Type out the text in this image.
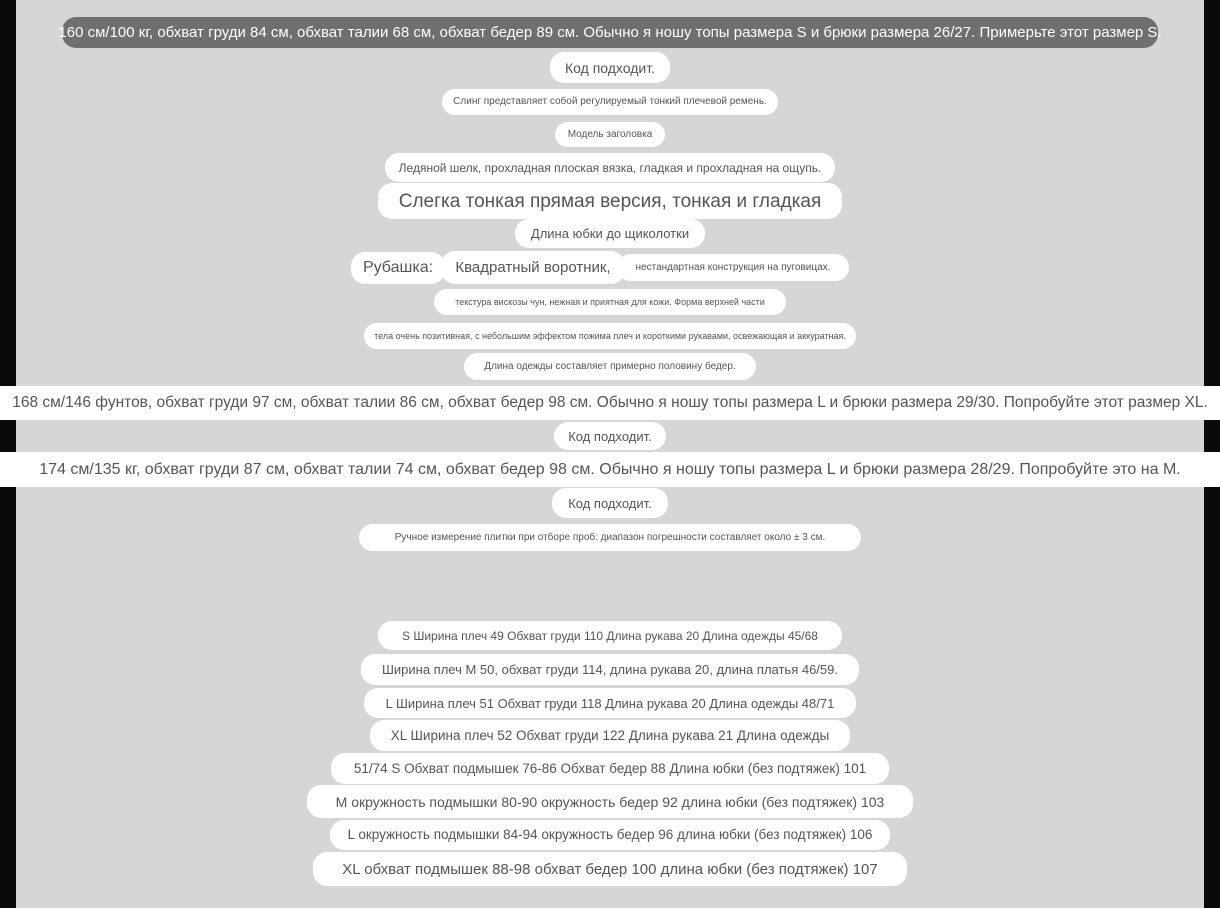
160 см/100 кг, обхват груди 84 см, обхват талии 68 см, обхват бедер 89 см. Обычно я ношу топы размера S и брюки размера 26/27. Примерьте этот размер S.
Код подходит.
Слинг представляет собой регулируемый тонкий плечевой ремень.
Модель заголовка
Ледяной шелк, прохладная плоская вязка, гладкая и прохладная на ощупь.
Слегка тонкая прямая версия, тонкая и гладкая
Длина юбки до щиколотки
Рубашка:	Квадратный воротник,	нестандартная конструкция на пуговицах.
текстура вискозы чун, нежная и приятная для кожи. Форма верхней части
тела очень позитивная, с небольшим эффектом пожима плеч и короткими рукавами, освежающая и аккуратная.
Длина одежды составляет примерно половину бедер.
168 см/146 фунтов, обхват груди 97 см, обхват талии 86 см, обхват бедер 98 см. Обычно я ношу топы размера L и брюки размера 29/30. Попробуйте этот размер XL.
Код подходит.
174 см/135 кг, обхват груди 87 см, обхват талии 74 см, обхват бедер 98 см. Обычно я ношу топы размера L и брюки размера 28/29. Попробуйте это на M.
Код подходит.
Ручное измерение плитки при отборе проб: диапазон погрешности составляет около ± 3 см.
S Ширина плеч 49 Обхват груди 110 Длина рукава 20 Длина одежды 45/68
Ширина плеч M 50, обхват груди 114, длина рукава 20, длина платья 46/59.
L Ширина плеч 51 Обхват груди 118 Длина рукава 20 Длина одежды 48/71
XL Ширина плеч 52 Обхват груди 122 Длина рукава 21 Длина одежды
51/74 S Обхват подмышек 76-86 Обхват бедер 88 Длина юбки (без подтяжек) 101
M окружность подмышки 80-90 окружность бедер 92 длина юбки (без подтяжек) 103
L окружность подмышки 84-94 окружность бедер 96 длина юбки (без подтяжек) 106
XL обхват подмышек 88-98 обхват бедер 100 длина юбки (без подтяжек) 107
